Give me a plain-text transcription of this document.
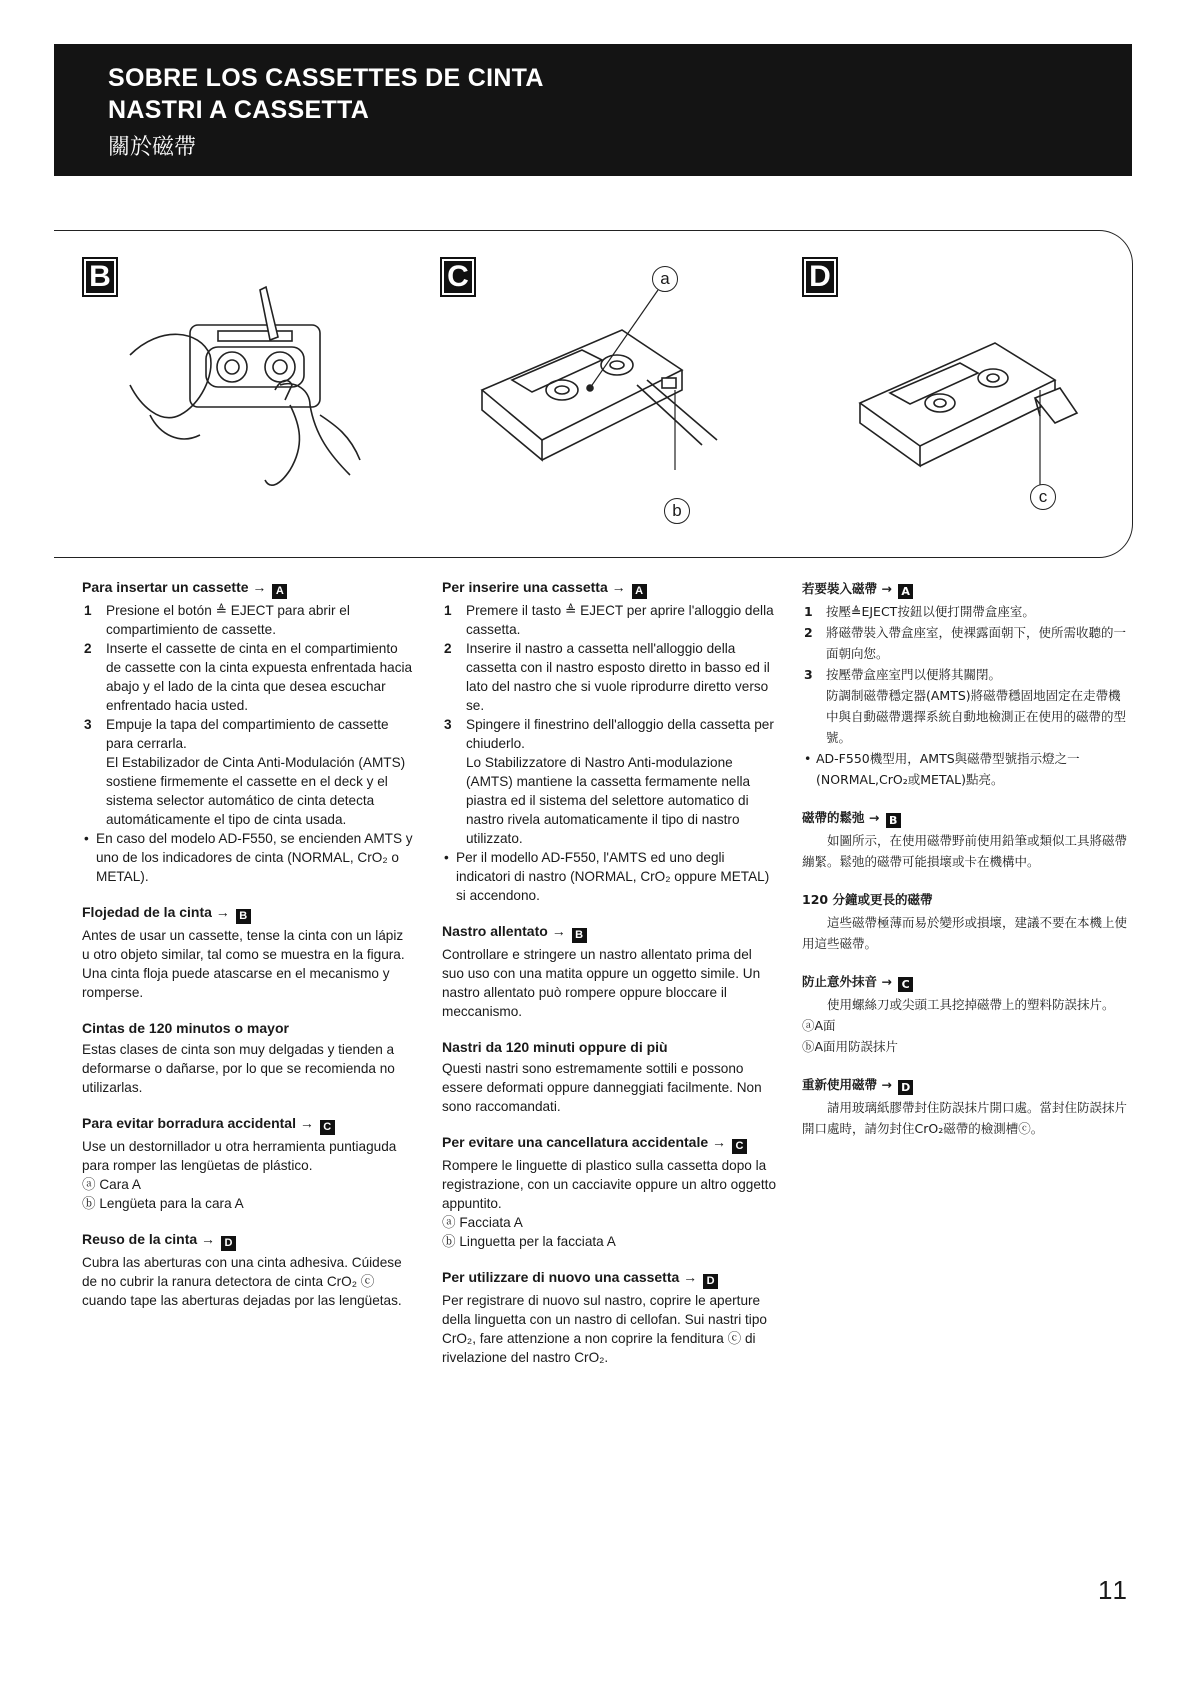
SOBRE LOS CASSETTES DE CINTA
NASTRI A CASSETTA
關於磁帶
B	C	D
a
b
c
Para insertar un cassette → A
1 Presione el botón ≜ EJECT para abrir el compartimiento de cassette.
2 Inserte el cassette de cinta en el compartimiento de cassette con la cinta expuesta enfrentada hacia abajo y el lado de la cinta que desea escuchar enfrentado hacia usted.
3 Empuje la tapa del compartimiento de cassette para cerrarla.
El Estabilizador de Cinta Anti-Modulación (AMTS) sostiene firmemente el cassette en el deck y el sistema selector automático de cinta detecta automáticamente el tipo de cinta usada.
• En caso del modelo AD-F550, se encienden AMTS y uno de los indicadores de cinta (NORMAL, CrO₂ o METAL).
Flojedad de la cinta → B

Antes de usar un cassette, tense la cinta con un lápiz u otro objeto similar, tal como se muestra en la figura. Una cinta floja puede atascarse en el mecanismo y romperse.

Cintas de 120 minutos o mayor

Estas clases de cinta son muy delgadas y tienden a deformarse o dañarse, por lo que se recomienda no utilizarlas.

Para evitar borradura accidental → C

Use un destornillador u otra herramienta puntiaguda para romper las lengüetas de plástico.

ⓐ Cara A

ⓑ Lengüeta para la cara A

Reuso de la cinta → D

Cubra las aberturas con una cinta adhesiva. Cúidese de no cubrir la ranura detectora de cinta CrO₂ ⓒ cuando tape las aberturas dejadas por las lengüetas.

Per inserire una cassetta → A
1 Premere il tasto ≜ EJECT per aprire l'alloggio della cassetta.
2 Inserire il nastro a cassetta nell'alloggio della cassetta con il nastro esposto diretto in basso ed il lato del nastro che si vuole riprodurre diretto verso se.
3 Spingere il finestrino dell'alloggio della cassetta per chiuderlo.
Lo Stabilizzatore di Nastro Anti-modulazione (AMTS) mantiene la cassetta fermamente nella piastra ed il sistema del selettore automatico di nastro rivela automaticamente il tipo di nastro utilizzato.
• Per il modello AD-F550, l'AMTS ed uno degli indicatori di nastro (NORMAL, CrO₂ oppure METAL) si accendono.
Nastro allentato → B

Controllare e stringere un nastro allentato prima del suo uso con una matita oppure un oggetto simile. Un nastro allentato può rompere oppure bloccare il meccanismo.

Nastri da 120 minuti oppure di più

Questi nastri sono estremamente sottili e possono essere deformati oppure danneggiati facilmente. Non sono raccomandati.

Per evitare una cancellatura accidentale → C

Rompere le linguette di plastico sulla cassetta dopo la registrazione, con un cacciavite oppure un altro oggetto appuntito.

ⓐ Facciata A

ⓑ Linguetta per la facciata A

Per utilizzare di nuovo una cassetta → D

Per registrare di nuovo sul nastro, coprire le aperture della linguetta con un nastro di cellofan. Sui nastri tipo CrO₂, fare attenzione a non coprire la fenditura ⓒ di rivelazione del nastro CrO₂.

若要裝入磁帶 → A
1 按壓≜EJECT按鈕以便打開帶盒座室。
2 將磁帶裝入帶盒座室，使裸露面朝下，使所需收聽的一面朝向您。
3 按壓帶盒座室門以便將其關閉。
防調制磁帶穩定器(AMTS)將磁帶穩固地固定在走帶機中與自動磁帶選擇系統自動地檢測正在使用的磁帶的型號。
• AD-F550機型用，AMTS與磁帶型號指示燈之一(NORMAL,CrO₂或METAL)點亮。
磁帶的鬆弛 → B

如圖所示，在使用磁帶野前使用鉛筆或類似工具將磁帶繃緊。鬆弛的磁帶可能損壞或卡在機構中。

120 分鐘或更長的磁帶

這些磁帶極薄而易於變形或損壞，建議不要在本機上使用這些磁帶。

防止意外抹音 → C

使用螺絲刀或尖頭工具挖掉磁帶上的塑料防誤抹片。

ⓐA面

ⓑA面用防誤抹片

重新使用磁帶 → D

請用玻璃紙膠帶封住防誤抹片開口處。當封住防誤抹片開口處時，請勿封住CrO₂磁帶的檢測槽ⓒ。

11
